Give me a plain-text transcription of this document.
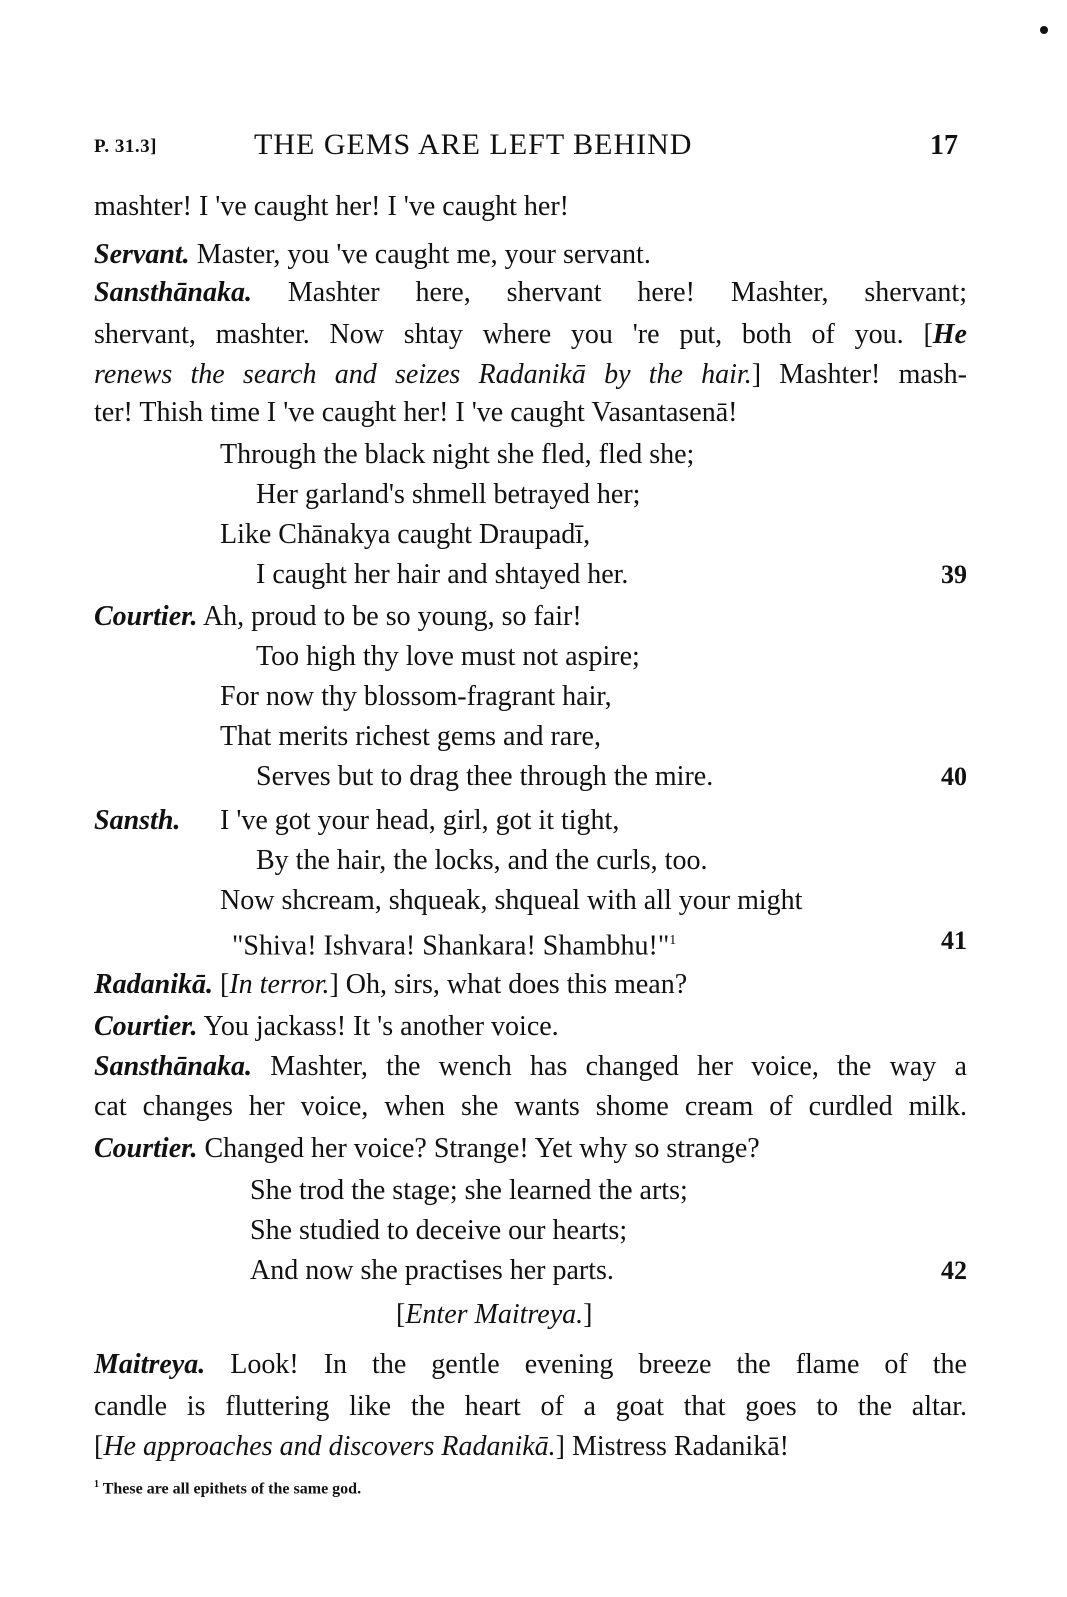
P. 31.3]	THE GEMS ARE LEFT BEHIND	17
mashter! I 've caught her! I 've caught her!
Servant. Master, you 've caught me, your servant.
Sansthānaka. Mashter here, shervant here! Mashter, shervant;
shervant, mashter. Now shtay where you 're put, both of you. [He
renews the search and seizes Radanikā by the hair.] Mashter! mash-
ter! Thish time I 've caught her! I 've caught Vasantasenā!
Through the black night she fled, fled she;
Her garland's shmell betrayed her;
Like Chānakya caught Draupadī,
I caught her hair and shtayed her.	39
Courtier. Ah, proud to be so young, so fair!
Too high thy love must not aspire;
For now thy blossom-fragrant hair,
That merits richest gems and rare,
Serves but to drag thee through the mire.	40
Sansth. I 've got your head, girl, got it tight,
By the hair, the locks, and the curls, too.
Now shcream, shqueak, shqueal with all your might
"Shiva! Ishvara! Shankara! Shambhu!"$^1$	41
Radanikā. [In terror.] Oh, sirs, what does this mean?
Courtier. You jackass! It 's another voice.
Sansthānaka. Mashter, the wench has changed her voice, the way a
cat changes her voice, when she wants shome cream of curdled milk.
Courtier. Changed her voice? Strange! Yet why so strange?
She trod the stage; she learned the arts;
She studied to deceive our hearts;
And now she practises her parts.	42
[Enter Maitreya.]
Maitreya. Look! In the gentle evening breeze the flame of the
candle is fluttering like the heart of a goat that goes to the altar.
[He approaches and discovers Radanikā.] Mistress Radanikā!
$^1$ These are all epithets of the same god.
